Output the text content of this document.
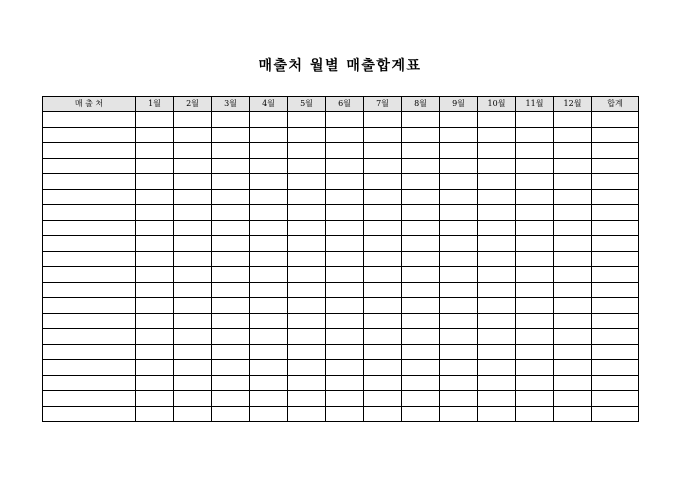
매출처 월별 매출합계표
매 출 처	1월	2월	3월	4월	5월	6월	7월	8월	9월	10월	11월	12월	합계
